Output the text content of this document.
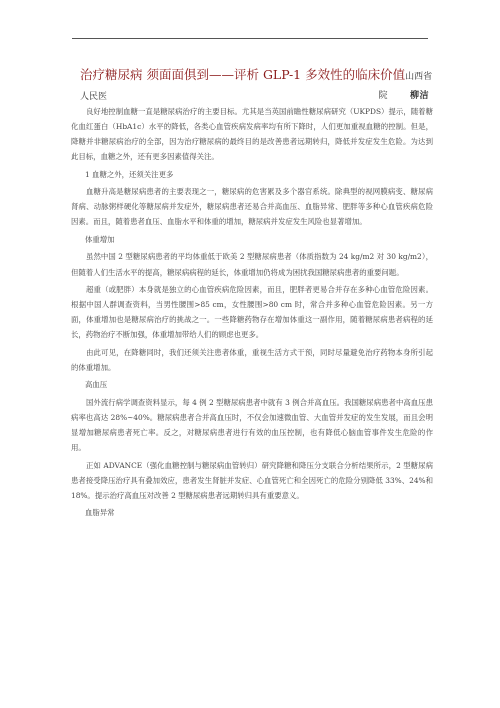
治疗糖尿病 须面面俱到——评析 GLP-1 多效性的临床价值山西省人民医	院 柳洁

良好地控制血糖一直是糖尿病治疗的主要目标。尤其是当英国前瞻性糖尿病研究（UKPDS）提示，随着糖化血红蛋白（HbA1c）水平的降低，各类心血管疾病发病率均有所下降时，人们更加重视血糖的控制。但是，降糖并非糖尿病治疗的全部，因为治疗糖尿病的最终目的是改善患者远期转归，降低并发症发生危险。为达到此目标，血糖之外，还有更多因素值得关注。

1 血糖之外，还须关注更多

血糖升高是糖尿病患者的主要表现之一，糖尿病的危害累及多个器官系统。除典型的视网膜病变、糖尿病肾病、动脉粥样硬化等糖尿病并发症外，糖尿病患者还易合并高血压、血脂异常、肥胖等多种心血管疾病危险因素。而且，随着患者血压、血脂水平和体重的增加，糖尿病并发症发生风险也显著增加。

体重增加

虽然中国 2 型糖尿病患者的平均体重低于欧美 2 型糖尿病患者（体质指数为 24 kg/m2 对 30 kg/m2），但随着人们生活水平的提高，糖尿病病程的延长，体重增加仍将成为困扰我国糖尿病患者的重要问题。

超重（或肥胖）本身就是独立的心血管疾病危险因素，而且，肥胖者更易合并存在多种心血管危险因素。根据中国人群调查资料，当男性腰围>85 cm，女性腰围>80 cm 时，常合并多种心血管危险因素。另一方面，体重增加也是糖尿病治疗的挑战之一。一些降糖药物存在增加体重这一副作用，随着糖尿病患者病程的延长，药物治疗不断加强，体重增加带给人们的顾虑也更多。

由此可见，在降糖同时，我们还须关注患者体重，重视生活方式干预，同时尽量避免治疗药物本身所引起的体重增加。

高血压

国外流行病学调查资料显示，每 4 例 2 型糖尿病患者中就有 3 例合并高血压。我国糖尿病患者中高血压患病率也高达 28%~40%。糖尿病患者合并高血压时，不仅会加速微血管、大血管并发症的发生发展，而且会明显增加糖尿病患者死亡率。反之，对糖尿病患者进行有效的血压控制，也有降低心脑血管事件发生危险的作用。

正如 ADVANCE（强化血糖控制与糖尿病血管转归）研究降糖和降压分支联合分析结果所示，2 型糖尿病患者接受降压治疗具有叠加效应，患者发生肾脏并发症、心血管死亡和全因死亡的危险分别降低 33%、24%和 18%。提示治疗高血压对改善 2 型糖尿病患者远期转归具有重要意义。

血脂异常
